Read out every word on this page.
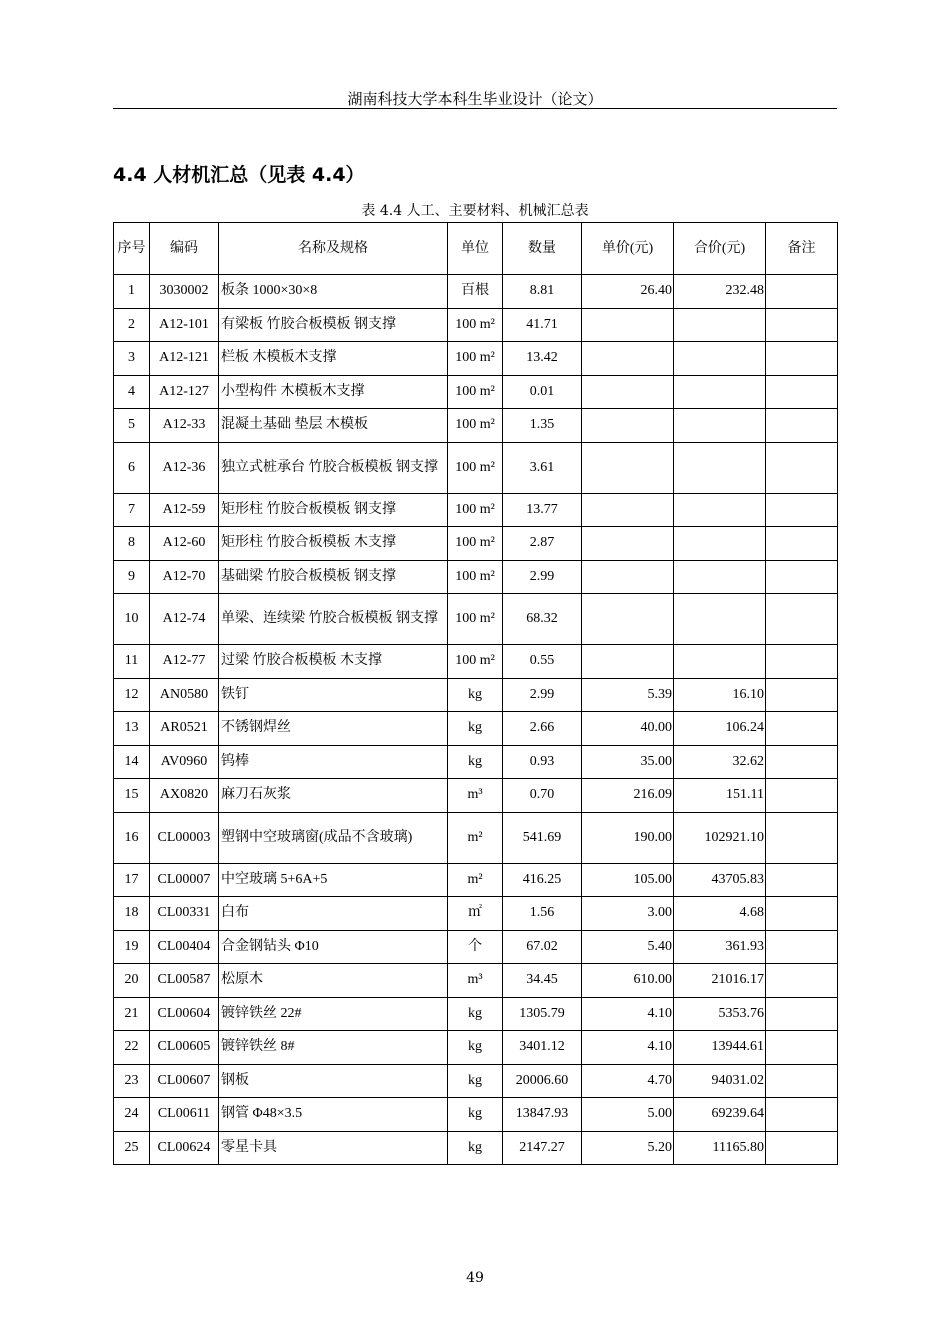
湖南科技大学本科生毕业设计（论文）
4.4 人材机汇总（见表 4.4）
表 4.4 人工、主要材料、机械汇总表
序号	编码	名称及规格	单位	数量	单价(元)	合价(元)	备注
1	3030002	板条 1000×30×8	百根	8.81	26.40	232.48	
2	A12-101	有梁板 竹胶合板模板 钢支撑	100 m²	41.71			
3	A12-121	栏板 木模板木支撑	100 m²	13.42			
4	A12-127	小型构件 木模板木支撑	100 m²	0.01			
5	A12-33	混凝土基础 垫层 木模板	100 m²	1.35			
6	A12-36	独立式桩承台 竹胶合板模板 钢支撑	100 m²	3.61			
7	A12-59	矩形柱 竹胶合板模板 钢支撑	100 m²	13.77			
8	A12-60	矩形柱 竹胶合板模板 木支撑	100 m²	2.87			
9	A12-70	基础梁 竹胶合板模板 钢支撑	100 m²	2.99			
10	A12-74	单梁、连续梁 竹胶合板模板 钢支撑	100 m²	68.32			
11	A12-77	过梁 竹胶合板模板 木支撑	100 m²	0.55			
12	AN0580	铁钉	kg	2.99	5.39	16.10	
13	AR0521	不锈钢焊丝	kg	2.66	40.00	106.24	
14	AV0960	钨棒	kg	0.93	35.00	32.62	
15	AX0820	麻刀石灰浆	m³	0.70	216.09	151.11	
16	CL00003	塑钢中空玻璃窗(成品不含玻璃)	m²	541.69	190.00	102921.10	
17	CL00007	中空玻璃 5+6A+5	m²	416.25	105.00	43705.83	
18	CL00331	白布	㎡	1.56	3.00	4.68	
19	CL00404	合金钢钻头 Φ10	个	67.02	5.40	361.93	
20	CL00587	松原木	m³	34.45	610.00	21016.17	
21	CL00604	镀锌铁丝 22#	kg	1305.79	4.10	5353.76	
22	CL00605	镀锌铁丝 8#	kg	3401.12	4.10	13944.61	
23	CL00607	钢板	kg	20006.60	4.70	94031.02	
24	CL00611	钢管 Φ48×3.5	kg	13847.93	5.00	69239.64	
25	CL00624	零星卡具	kg	2147.27	5.20	11165.80	
49
